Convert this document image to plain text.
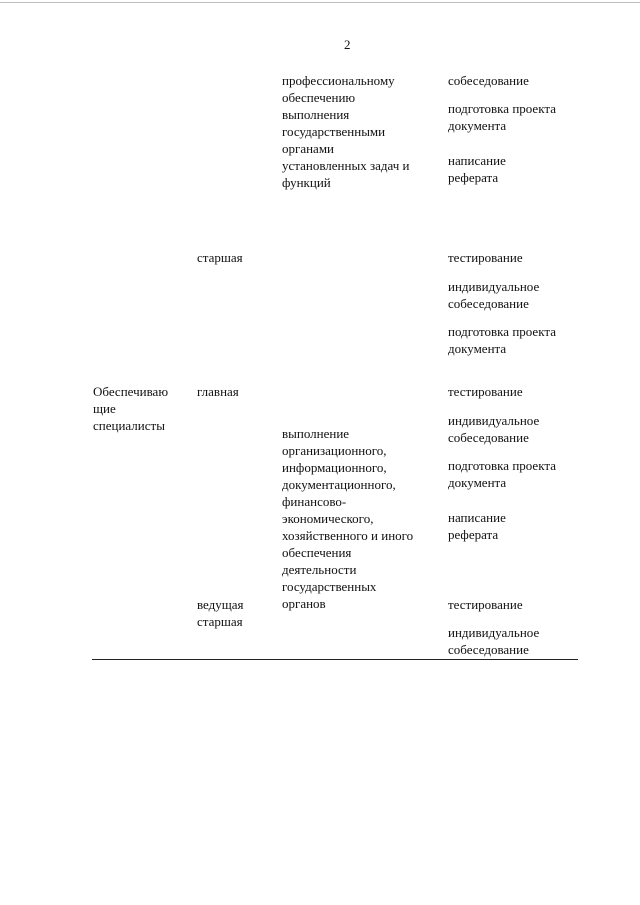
2
профессиональному
обеспечению
выполнения
государственными
органами
установленных задач и
функций
собеседование
подготовка проекта
документа
написание
реферата
старшая	тестирование
индивидуальное
собеседование
подготовка проекта
документа
Обеспечиваю
щие
специалисты
главная
выполнение
организационного,
информационного,
документационного,
финансово-
экономического,
хозяйственного и иного
обеспечения
деятельности
государственных
органов
тестирование
индивидуальное
собеседование
подготовка проекта
документа
написание
реферата
ведущая
старшая
тестирование
индивидуальное
собеседование
